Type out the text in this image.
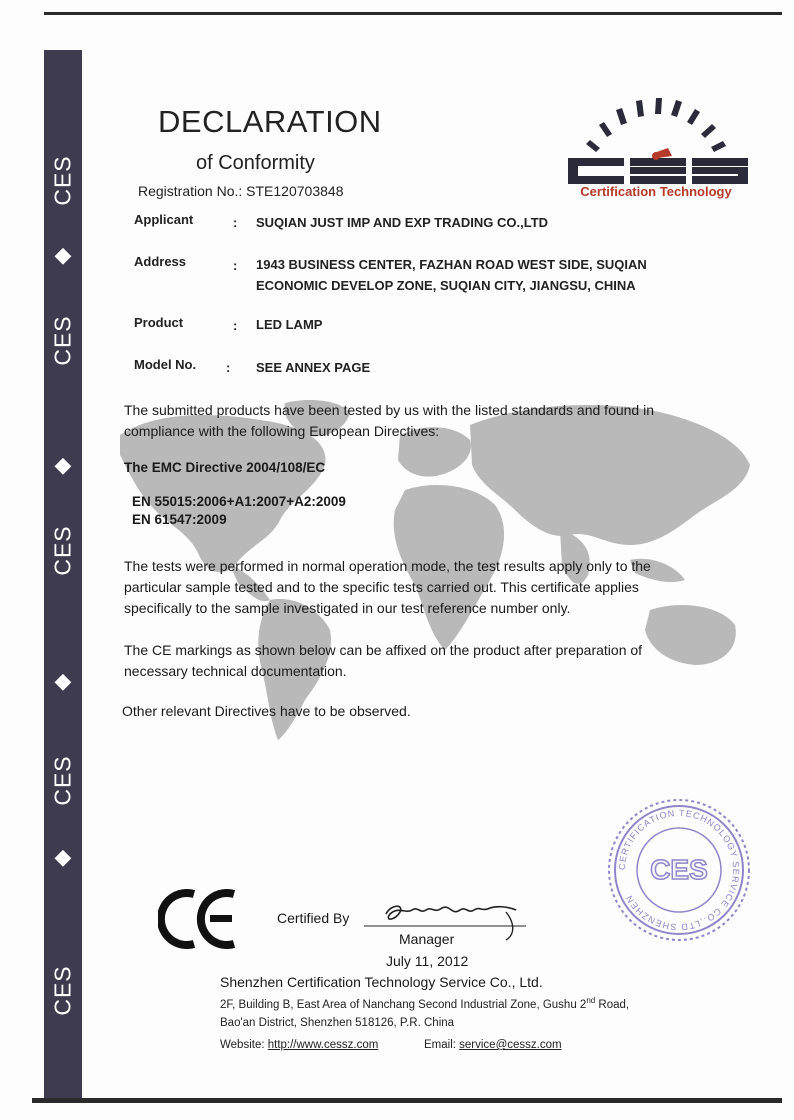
CES
◆
CES
◆
CES
◆
CES
◆
CES
DECLARATION
of Conformity
Registration No.: STE120703848	Certification Technology
Applicant	: SUQIAN JUST IMP AND EXP TRADING CO.,LTD
Address	: 1943 BUSINESS CENTER, FAZHAN ROAD WEST SIDE, SUQIAN
ECONOMIC DEVELOP ZONE, SUQIAN CITY, JIANGSU, CHINA
Product	: LED LAMP
Model No. : SEE ANNEX PAGE
The submitted products have been tested by us with the listed standards and found in compliance with the following European Directives:
The EMC Directive 2004/108/EC
EN 55015:2006+A1:2007+A2:2009
EN 61547:2009
The tests were performed in normal operation mode, the test results apply only to the particular sample tested and to the specific tests carried out. This certificate applies specifically to the sample investigated in our test reference number only.
The CE markings as shown below can be affixed on the product after preparation of necessary technical documentation.
Other relevant Directives have to be observed.
CERTIFICATION TECHNOLOGY SERVICE CO.,LTD SHENZHEN
CES
Certified By
Manager
July 11, 2012
Shenzhen Certification Technology Service Co., Ltd.
2F, Building B, East Area of Nanchang Second Industrial Zone, Gushu 2nd Road,
Bao'an District, Shenzhen 518126, P.R. China
Website: http://www.cessz.com	Email: service@cessz.com
